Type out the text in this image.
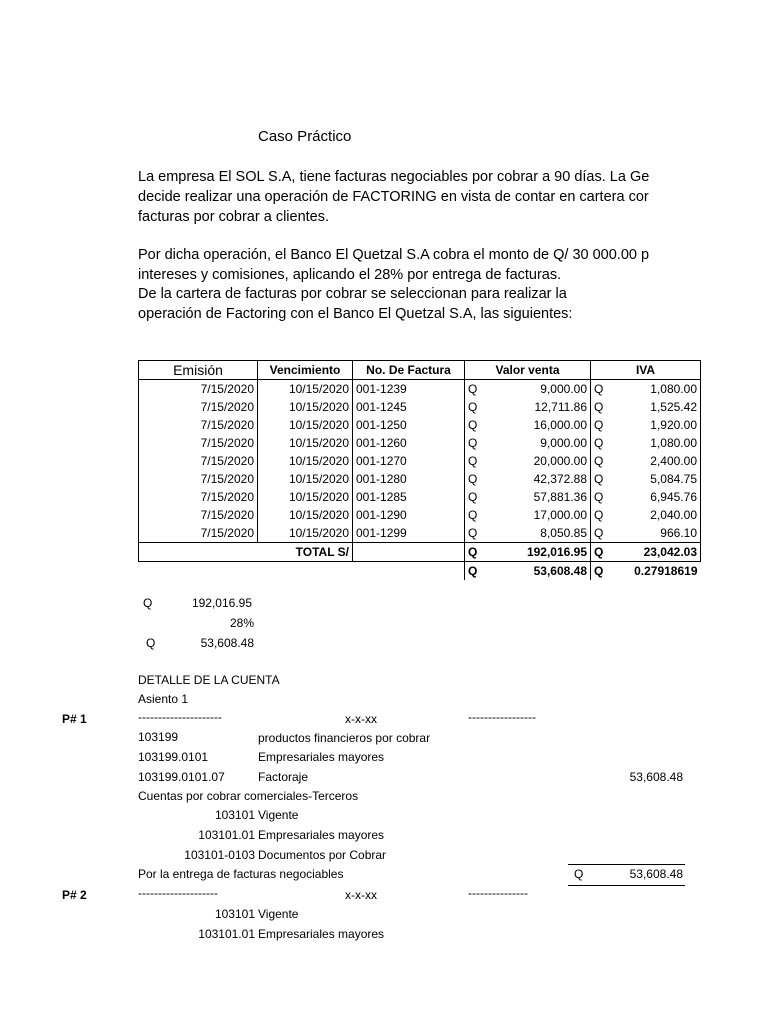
Caso Práctico
La empresa El SOL S.A, tiene facturas negociables por cobrar a 90 días. La Ge
decide realizar una operación de FACTORING en vista de contar en cartera cor
facturas por cobrar a clientes.
Por dicha operación, el Banco El Quetzal S.A cobra el monto de Q/ 30 000.00 p
intereses y comisiones, aplicando el 28% por entrega de facturas.
De la cartera de facturas por cobrar se seleccionan para realizar la
operación de Factoring con el Banco El Quetzal S.A, las siguientes:
Emisión	Vencimiento	No. De Factura	Valor venta		IVA	
7/15/2020	10/15/2020	001-1239	Q	9,000.00	Q	1,080.00
7/15/2020	10/15/2020	001-1245	Q	12,711.86	Q	1,525.42
7/15/2020	10/15/2020	001-1250	Q	16,000.00	Q	1,920.00
7/15/2020	10/15/2020	001-1260	Q	9,000.00	Q	1,080.00
7/15/2020	10/15/2020	001-1270	Q	20,000.00	Q	2,400.00
7/15/2020	10/15/2020	001-1280	Q	42,372.88	Q	5,084.75
7/15/2020	10/15/2020	001-1285	Q	57,881.36	Q	6,945.76
7/15/2020	10/15/2020	001-1290	Q	17,000.00	Q	2,040.00
7/15/2020	10/15/2020	001-1299	Q	8,050.85	Q	966.10
TOTAL S/			Q	192,016.95	Q	23,042.03
			Q	53,608.48	Q	0.27918619
Q	192,016.95
28%
Q	53,608.48
DETALLE DE LA CUENTA
Asiento 1
P# 1	---------------------	x-x-xx	-----------------
103199	productos financieros por cobrar
103199.0101	Empresariales mayores
103199.0101.07	Factoraje	53,608.48
Cuentas por cobrar comerciales-Terceros
103101 Vigente
103101.01 Empresariales mayores
103101-0103 Documentos por Cobrar
Por la entrega de facturas negociables	Q	53,608.48
P# 2	--------------------	x-x-xx	---------------
103101 Vigente
103101.01 Empresariales mayores
